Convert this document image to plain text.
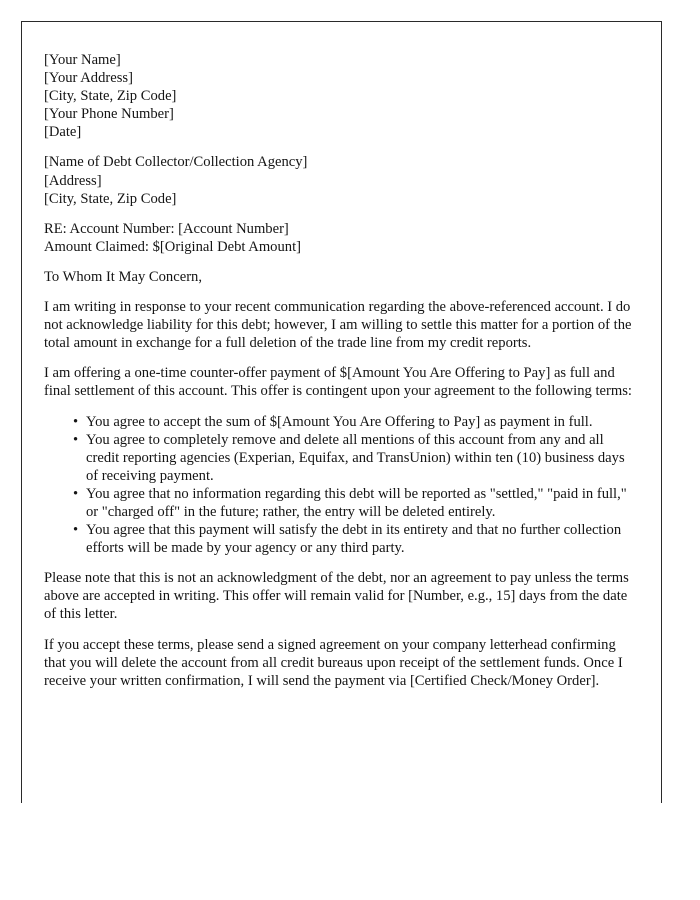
[Your Name]
[Your Address]
[City, State, Zip Code]
[Your Phone Number]
[Date]
[Name of Debt Collector/Collection Agency]
[Address]
[City, State, Zip Code]
RE: Account Number: [Account Number]
Amount Claimed: $[Original Debt Amount]

To Whom It May Concern,

I am writing in response to your recent communication regarding the above-referenced account. I do not acknowledge liability for this debt; however, I am willing to settle this matter for a portion of the total amount in exchange for a full deletion of the trade line from my credit reports.

I am offering a one-time counter-offer payment of $[Amount You Are Offering to Pay] as full and final settlement of this account. This offer is contingent upon your agreement to the following terms:

• You agree to accept the sum of $[Amount You Are Offering to Pay] as payment in full.
• You agree to completely remove and delete all mentions of this account from any and all credit reporting agencies (Experian, Equifax, and TransUnion) within ten (10) business days of receiving payment.
• You agree that no information regarding this debt will be reported as "settled," "paid in full," or "charged off" in the future; rather, the entry will be deleted entirely.
• You agree that this payment will satisfy the debt in its entirety and that no further collection efforts will be made by your agency or any third party.

Please note that this is not an acknowledgment of the debt, nor an agreement to pay unless the terms above are accepted in writing. This offer will remain valid for [Number, e.g., 15] days from the date of this letter.

If you accept these terms, please send a signed agreement on your company letterhead confirming that you will delete the account from all credit bureaus upon receipt of the settlement funds. Once I receive your written confirmation, I will send the payment via [Certified Check/Money Order].
